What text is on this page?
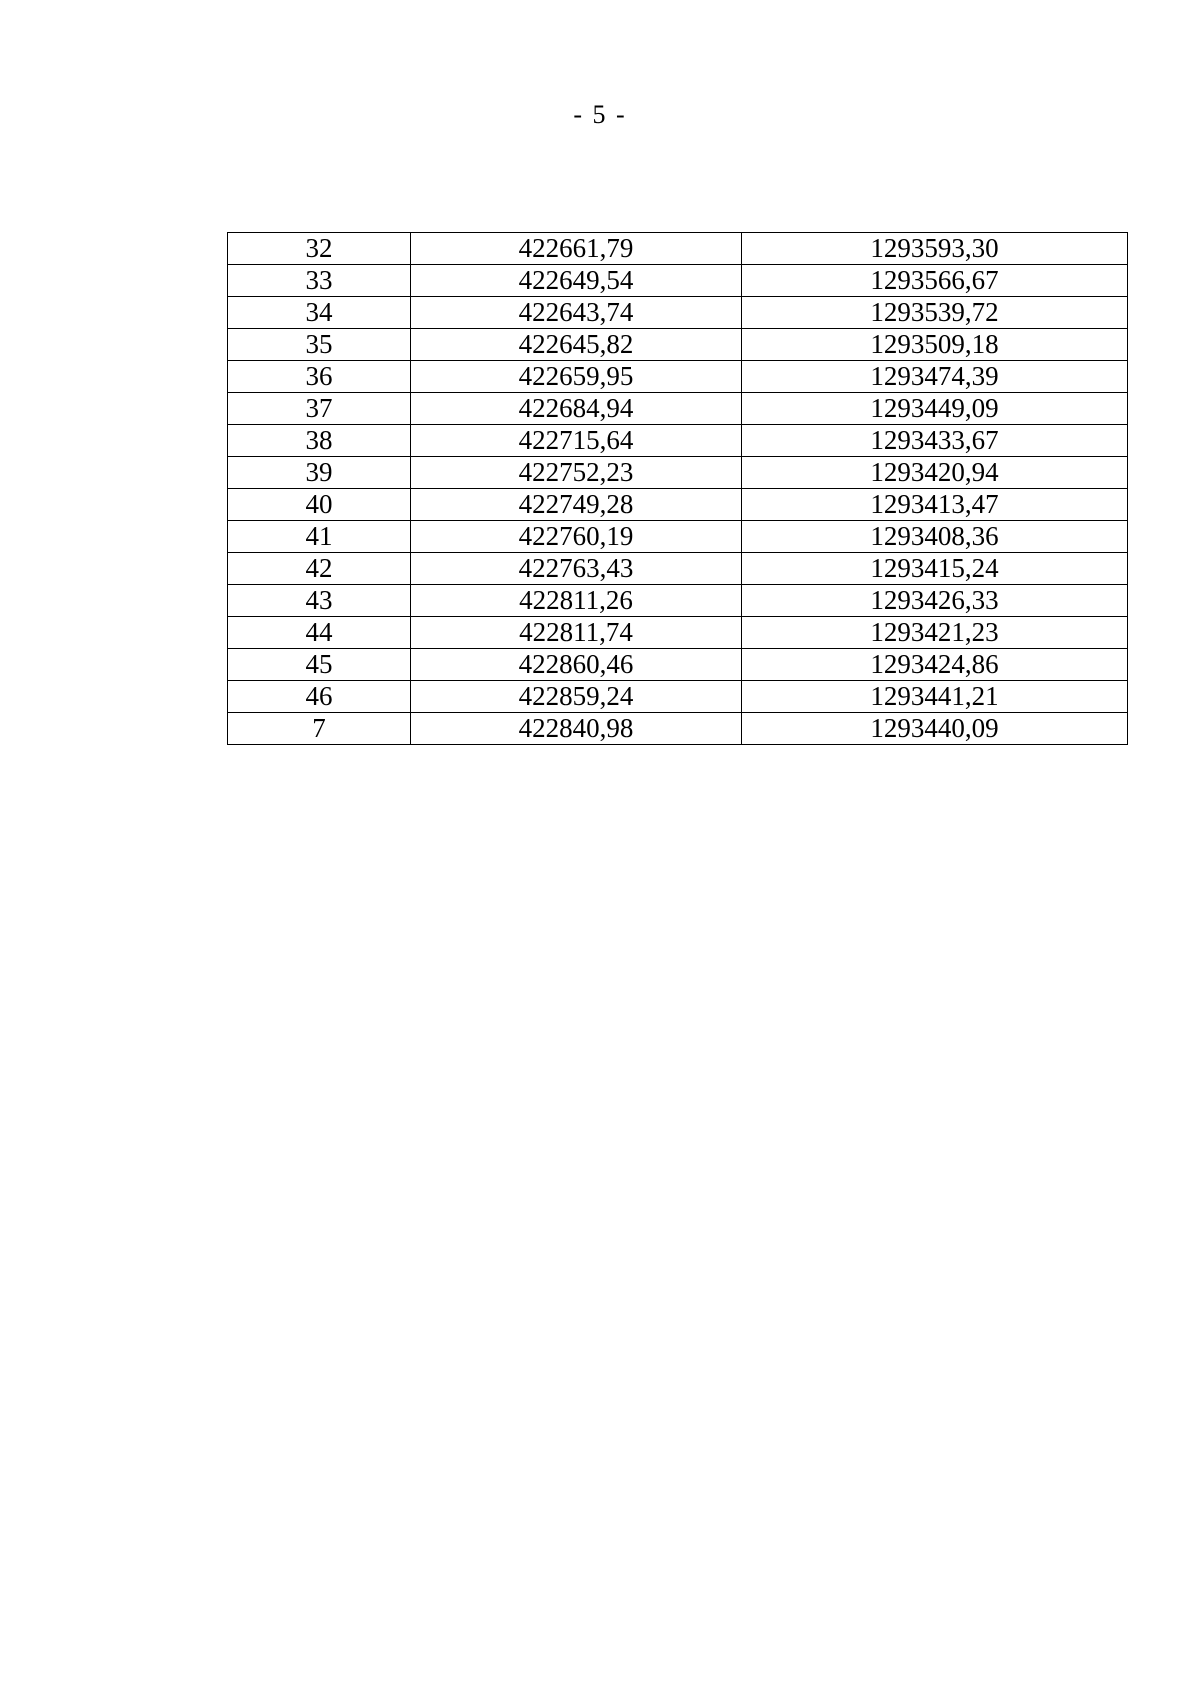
- 5 -
32	422661,79	1293593,30
33	422649,54	1293566,67
34	422643,74	1293539,72
35	422645,82	1293509,18
36	422659,95	1293474,39
37	422684,94	1293449,09
38	422715,64	1293433,67
39	422752,23	1293420,94
40	422749,28	1293413,47
41	422760,19	1293408,36
42	422763,43	1293415,24
43	422811,26	1293426,33
44	422811,74	1293421,23
45	422860,46	1293424,86
46	422859,24	1293441,21
7	422840,98	1293440,09
